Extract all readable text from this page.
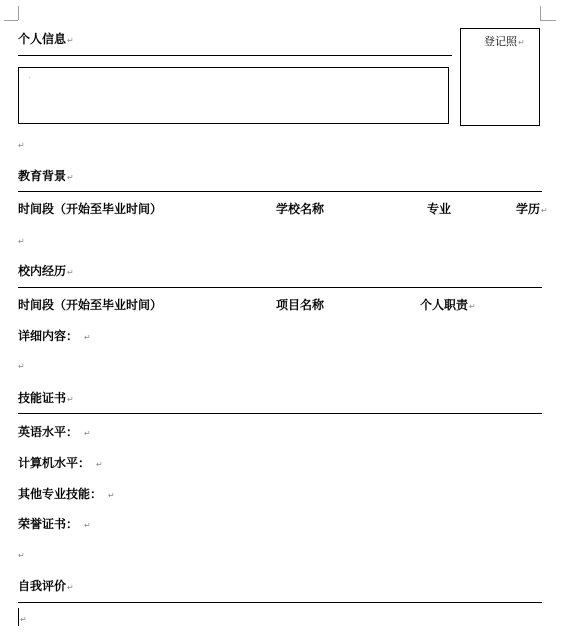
个人信息↵
'
登记照↵
↵
教育背景↵
时间段（开始至毕业时间）	学校名称	专业	学历↵
↵
校内经历↵
时间段（开始至毕业时间）	项目名称	个人职责↵
详细内容： ↵
↵
技能证书↵
英语水平： ↵
计算机水平： ↵
其他专业技能： ↵
荣誉证书： ↵
↵
自我评价↵
↵
